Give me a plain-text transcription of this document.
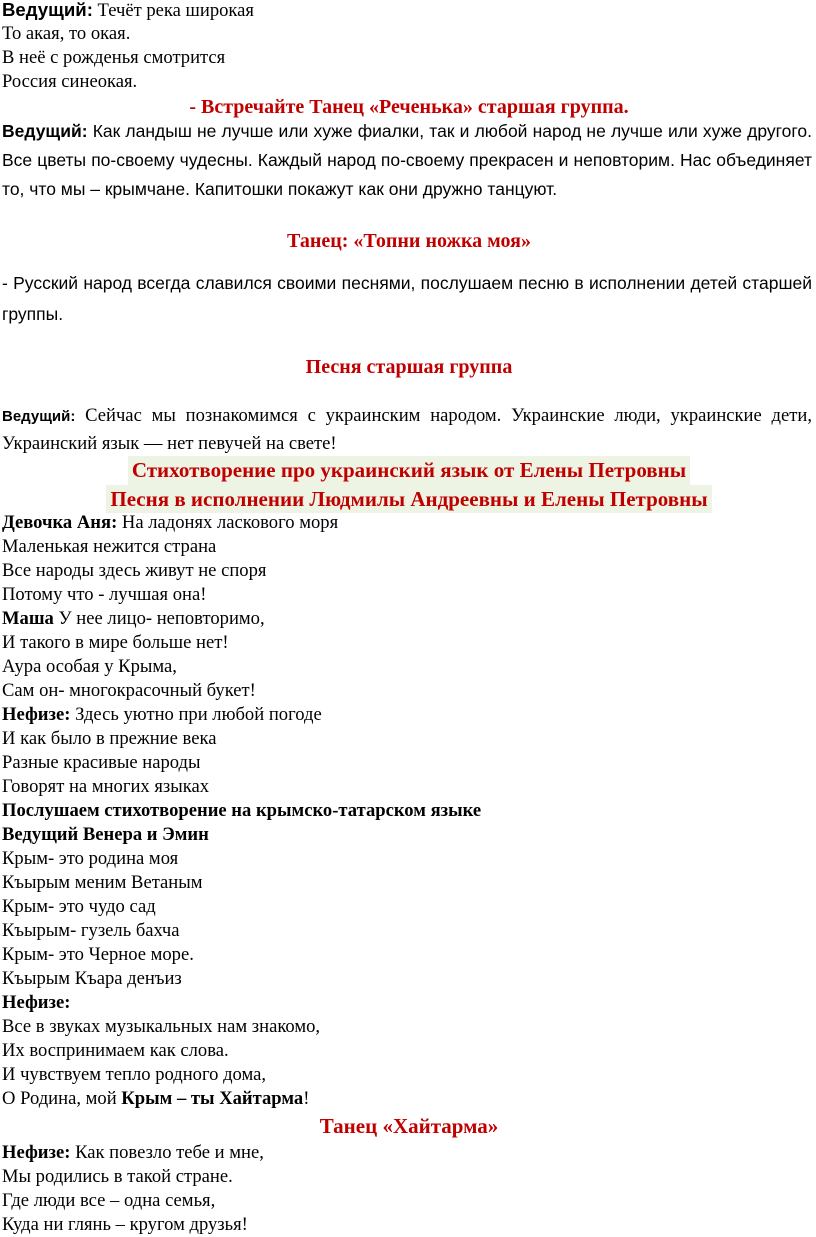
Ведущий: Течёт река широкая

То акая, то окая.

В неё с рожденья смотрится

Россия синеокая.

- Встречайте Танец «Реченька» старшая группа.

Ведущий: Как ландыш не лучше или хуже фиалки, так и любой народ не лучше или хуже другого. Все цветы по-своему чудесны. Каждый народ по-своему прекрасен и неповторим. Нас объединяет то, что мы – крымчане. Капитошки покажут как они дружно танцуют.

Танец: «Топни ножка моя»

- Русский народ всегда славился своими песнями, послушаем песню в исполнении детей старшей группы.

Песня старшая группа

Ведущий: Сейчас мы познакомимся с украинским народом. Украинские люди, украинские дети, Украинский язык — нет певучей на свете!

Стихотворение про украинский язык от Елены Петровны
Песня в исполнении Людмилы Андреевны и Елены Петровны

Девочка Аня: На ладонях ласкового моря

Маленькая нежится страна

Все народы здесь живут не споря

Потому что - лучшая она!

Маша У нее лицо- неповторимо,

И такого в мире больше нет!

Аура особая у Крыма,

Сам он- многокрасочный букет!

Нефизе: Здесь уютно при любой погоде

И как было в прежние века

Разные красивые народы

Говорят на многих языках

Послушаем стихотворение на крымско-татарском языке

Ведущий Венера и Эмин

Крым- это родина моя

Къырым меним Ветаным

Крым- это чудо сад

Къырым- гузель бахча

Крым- это Черное море.

Къырым Къара денъиз

Нефизе:

Все в звуках музыкальных нам знакомо,

Их воспринимаем как слова.

И чувствуем тепло родного дома,

О Родина, мой Крым – ты Хайтарма!

Танец «Хайтарма»

Нефизе: Как повезло тебе и мне,

Мы родились в такой стране.

Где люди все – одна семья,

Куда ни глянь – кругом друзья!
